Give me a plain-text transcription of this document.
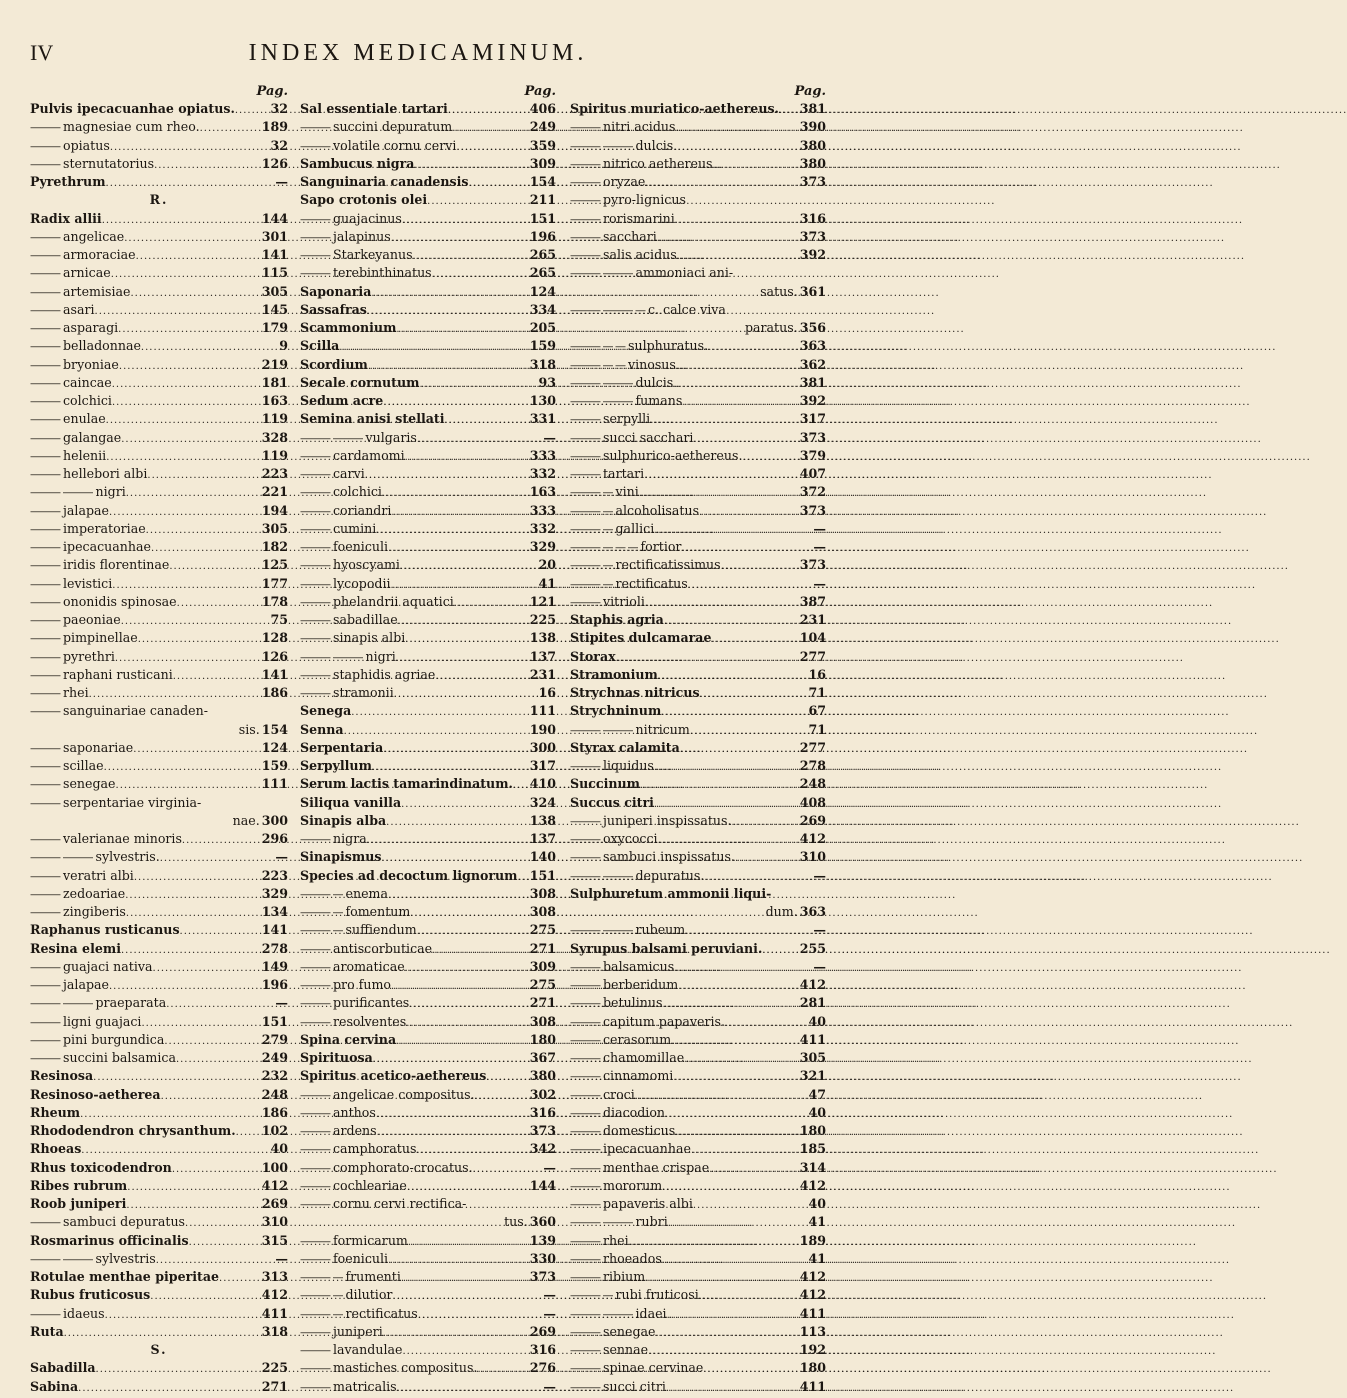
IV	INDEX MEDICAMINUM.
Pag.
Pulvis ipecacuanhae opiatus. .....	32
——— magnesiae cum rheo. .....	189
——— opiatus .....	32
——— sternutatorius .....	126
Pyrethrum .....	—
R.
Radix allii .....	144
——— angelicae .....	301
——— armoraciae .....	141
——— arnicae .....	115
——— artemisiae .....	305
——— asari .....	145
——— asparagi .....	179
——— belladonnae .....	9
——— bryoniae .....	219
——— caincae .....	181
——— colchici .....	163
——— enulae .....	119
——— galangae .....	328
——— helenii .....	119
——— hellebori albi .....	223
——— ——— nigri .....	221
——— jalapae .....	194
——— imperatoriae .....	305
——— ipecacuanhae .....	182
——— iridis florentinae .....	125
——— levistici .....	177
——— ononidis spinosae .....	178
——— paeoniae .....	75
——— pimpinellae .....	128
——— pyrethri .....	126
——— raphani rusticani .....	141
——— rhei .....	186
——— sanguinariae canaden-
sis. 154
——— saponariae .....	124
——— scillae .....	159
——— senegae .....	111
——— serpentariae virginia-
nae. 300
——— valerianae minoris .....	296
——— ——— sylvestris. .....	—
——— veratri albi .....	223
——— zedoariae .....	329
——— zingiberis .....	134
Raphanus rusticanus .....	141
Resina elemi .....	278
——— guajaci nativa .....	149
——— jalapae .....	196
——— ——— praeparata .....	—
——— ligni guajaci .....	151
——— pini burgundica .....	279
——— succini balsamica .....	249
Resinosa .....	232
Resinoso-aetherea .....	248
Rheum .....	186
Rhododendron chrysanthum. ..... 102
Rhoeas .....	40
Rhus toxicodendron .....	100
Ribes rubrum .....	412
Roob juniperi .....	269
——— sambuci depuratus .....	310
Rosmarinus officinalis .....	315
——— ——— sylvestris .....	—
Rotulae menthae piperitae .....	313
Rubus fruticosus .....	412
——— idaeus .....	411
Ruta .....	318
S.
Sabadilla .....	225
Sabina .....	271
Pag.
Sal essentiale tartari .....	406
——— succini depuratum .....	249
——— volatile cornu cervi .....	359
Sambucus nigra .....	309
Sanguinaria canadensis .....	154
Sapo crotonis olei .....	211
——— guajacinus .....	151
——— jalapinus .....	196
——— Starkeyanus .....	265
——— terebinthinatus .....	265
Saponaria .....	124
Sassafras .....	334
Scammonium .....	205
Scilla .....	159
Scordium .....	318
Secale cornutum .....	93
Sedum acre .....	130
Semina anisi stellati .....	331
——— ——— vulgaris .....	—
——— cardamomi .....	333
——— carvi .....	332
——— colchici .....	163
——— coriandri .....	333
——— cumini .....	332
——— foeniculi .....	329
——— hyoscyami .....	20
——— lycopodii .....	41
——— phelandrii aquatici .....	121
——— sabadillae .....	225
——— sinapis albi .....	138
——— ——— nigri .....	137
——— staphidis agriae .....	231
——— stramonii .....	16
Senega .....	111
Senna .....	190
Serpentaria .....	300
Serpyllum .....	317
Serum lactis tamarindinatum. ..... 410
Siliqua vanilla .....	324
Sinapis alba .....	138
——— nigra .....	137
Sinapismus .....	140
Species ad decoctum lignorum ..... 151
——— — enema .....	308
——— — fomentum .....	308
——— — suffiendum .....	275
——— antiscorbuticae .....	271
——— aromaticae .....	309
——— pro fumo .....	275
——— purificantes .....	271
——— resolventes .....	308
Spina cervina .....	180
Spirituosa .....	367
Spiritus acetico-aethereus .....	380
——— angelicae compositus. .....	302
——— anthos .....	316
——— ardens .....	373
——— camphoratus .....	342
——— comphorato-crocatus. .....	—
——— cochleariae .....	144
——— cornu cervi rectifica-
tus. 360
——— formicarum .....	139
——— foeniculi .....	330
——— — frumenti .....	373
——— — dilutior .....	—
——— — rectificatus .....	—
——— juniperi .....	269
——— lavandulae .....	316
——— mastiches compositus. .....	276
——— matricalis .....	—
Pag.
Spiritus muriatico-aethereus. ..... 381
——— nitri acidus .....	390
——— ——— dulcis .....	380
——— nitrico aethereus .....	380
——— oryzae .....	373
——— pyro-lignicus
——— rorismarini .....	316
——— sacchari .....	373
——— salis acidus .....	392
——— ——— ammoniaci ani-
satus. 361
——— ——— — c. calce viva
paratus. 356
——— — — sulphuratus. .....	363
——— — — vinosus .....	362
——— ——— dulcis .....	381
——— ——— fumans .....	392
——— serpylli .....	317
——— succi sacchari .....	373
——— sulphurico-aethereus. .....	379
——— tartari .....	407
——— — vini .....	372
——— — alcoholisatus .....	373
——— — gallici .....	—
——— — — — fortior .....	—
——— — rectificatissimus .....	373
——— — rectificatus .....	—
——— vitrioli .....	387
Staphis agria .....	231
Stipites dulcamarae .....	104
Storax .....	277
Stramonium .....	16
Strychnas nitricus .....	71
Strychninum .....	67
——— ——— nitricum .....	71
Styrax calamita .....	277
——— liquidus .....	278
Succinum .....	248
Succus citri .....	408
——— juniperi inspissatus. .....	269
——— oxycocci .....	412
——— sambuci inspissatus. .....	310
——— ——— depuratus. .....	—
Sulphuretum ammonii liqui-
dum. 363
——— ——— rubeum .....	—
Syrupus balsami peruviani. .....	255
——— balsamicus .....	—
——— berberidum .....	412
——— betulinus .....	281
——— capitum papaveris. .....	40
——— cerasorum .....	411
——— chamomillae .....	305
——— cinnamomi .....	321
——— croci .....	47
——— diacodion .....	40
——— domesticus .....	180
——— ipecacuanhae .....	185
——— menthae crispae .....	314
——— mororum .....	412
——— papaveris albi .....	40
——— ——— rubri .....	41
——— rhei .....	189
——— rhoeados .....	41
——— ribium .....	412
——— — rubi fruticosi .....	412
——— ——— idaei .....	411
——— senegae .....	113
——— sennae .....	192
——— spinae cervinae .....	180
——— succi citri .....	411
